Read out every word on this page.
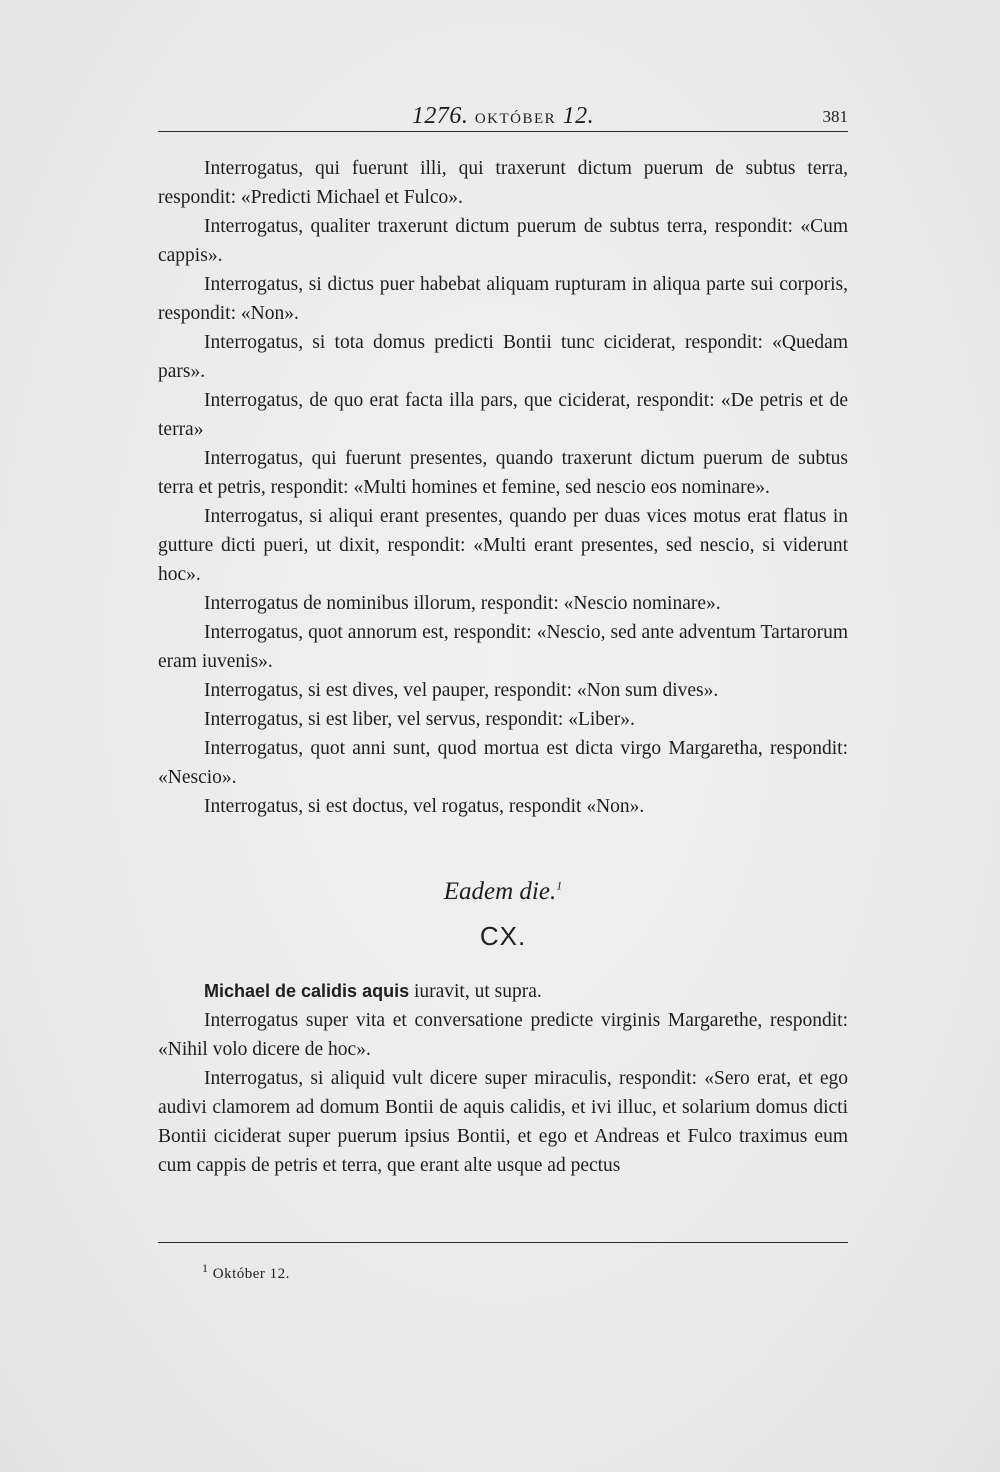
1276. OKTÓBER 12.	381

Interrogatus, qui fuerunt illi, qui traxerunt dictum puerum de subtus terra, respondit: «Predicti Michael et Fulco».

Interrogatus, qualiter traxerunt dictum puerum de subtus terra, respondit: «Cum cappis».

Interrogatus, si dictus puer habebat aliquam rupturam in aliqua parte sui corporis, respondit: «Non».

Interrogatus, si tota domus predicti Bontii tunc ciciderat, respondit: «Quedam pars».

Interrogatus, de quo erat facta illa pars, que ciciderat, respondit: «De petris et de terra»

Interrogatus, qui fuerunt presentes, quando traxerunt dictum puerum de subtus terra et petris, respondit: «Multi homines et femine, sed nescio eos nominare».

Interrogatus, si aliqui erant presentes, quando per duas vices motus erat flatus in gutture dicti pueri, ut dixit, respondit: «Multi erant presentes, sed nescio, si viderunt hoc».

Interrogatus de nominibus illorum, respondit: «Nescio nominare».

Interrogatus, quot annorum est, respondit: «Nescio, sed ante adventum Tartarorum eram iuvenis».

Interrogatus, si est dives, vel pauper, respondit: «Non sum dives».

Interrogatus, si est liber, vel servus, respondit: «Liber».

Interrogatus, quot anni sunt, quod mortua est dicta virgo Margaretha, respondit: «Nescio».

Interrogatus, si est doctus, vel rogatus, respondit «Non».

Eadem die.$^1$

CX.

Michael de calidis aquis iuravit, ut supra.

Interrogatus super vita et conversatione predicte virginis Margarethe, respondit: «Nihil volo dicere de hoc».

Interrogatus, si aliquid vult dicere super miraculis, respondit: «Sero erat, et ego audivi clamorem ad domum Bontii de aquis calidis, et ivi illuc, et solarium domus dicti Bontii ciciderat super puerum ipsius Bontii, et ego et Andreas et Fulco traximus eum cum cappis de petris et terra, que erant alte usque ad pectus

$^1$ Október 12.
